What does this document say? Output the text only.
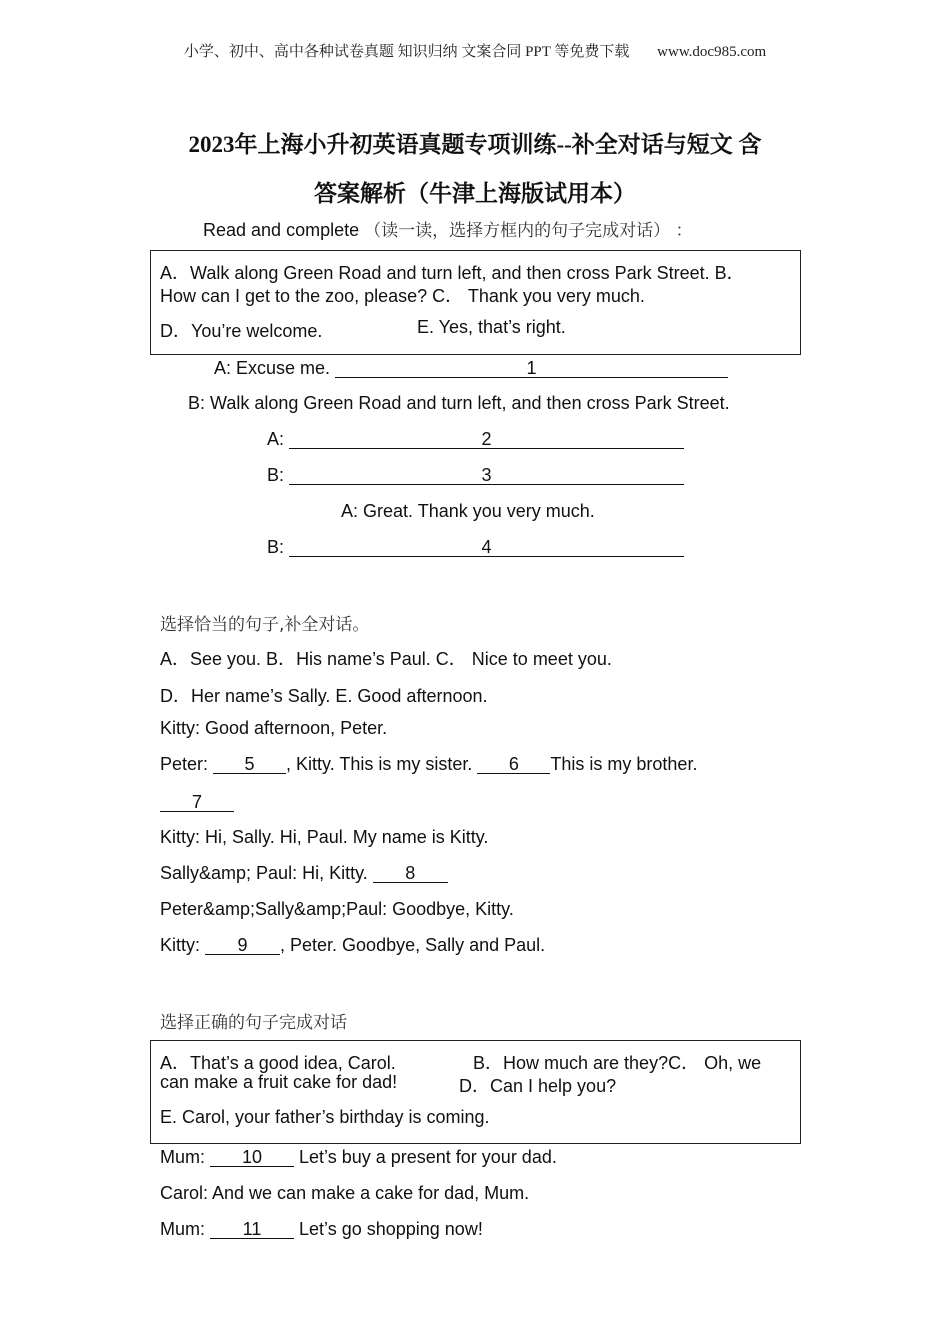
小学、初中、高中各种试卷真题 知识归纳 文案合同 PPT 等免费下载 www.doc985.com
2023年上海小升初英语真题专项训练--补全对话与短文 含
答案解析（牛津上海版试用本）
Read and complete （读一读，选择方框内的句子完成对话） ：
A．Walk along Green Road and turn left, and then cross Park Street. B．
How can I get to the zoo, please? C． Thank you very much.
D．You’re welcome.	E. Yes, that’s right.
A: Excuse me.	1
B: Walk along Green Road and turn left, and then cross Park Street.
A:	2
B:	3
A: Great. Thank you very much.
B:	4
选择恰当的句子,补全对话。
A．See you. B．His name’s Paul. C． Nice to meet you.
D．Her name’s Sally. E. Good afternoon.
Kitty: Good afternoon, Peter.
Peter: 5 , Kitty. This is my sister. 6 This is my brother.
7
Kitty: Hi, Sally. Hi, Paul. My name is Kitty.
Sally&amp; Paul: Hi, Kitty. 8
Peter&amp;Sally&amp;Paul: Goodbye, Kitty.
Kitty: 9 , Peter. Goodbye, Sally and Paul.
选择正确的句子完成对话
A．That’s a good idea, Carol.	B．How much are they?C． Oh, we
can make a fruit cake for dad!	D．Can I help you?
E. Carol, your father’s birthday is coming.
Mum: 10 Let’s buy a present for your dad.
Carol: And we can make a cake for dad, Mum.
Mum: 11 Let’s go shopping now!
